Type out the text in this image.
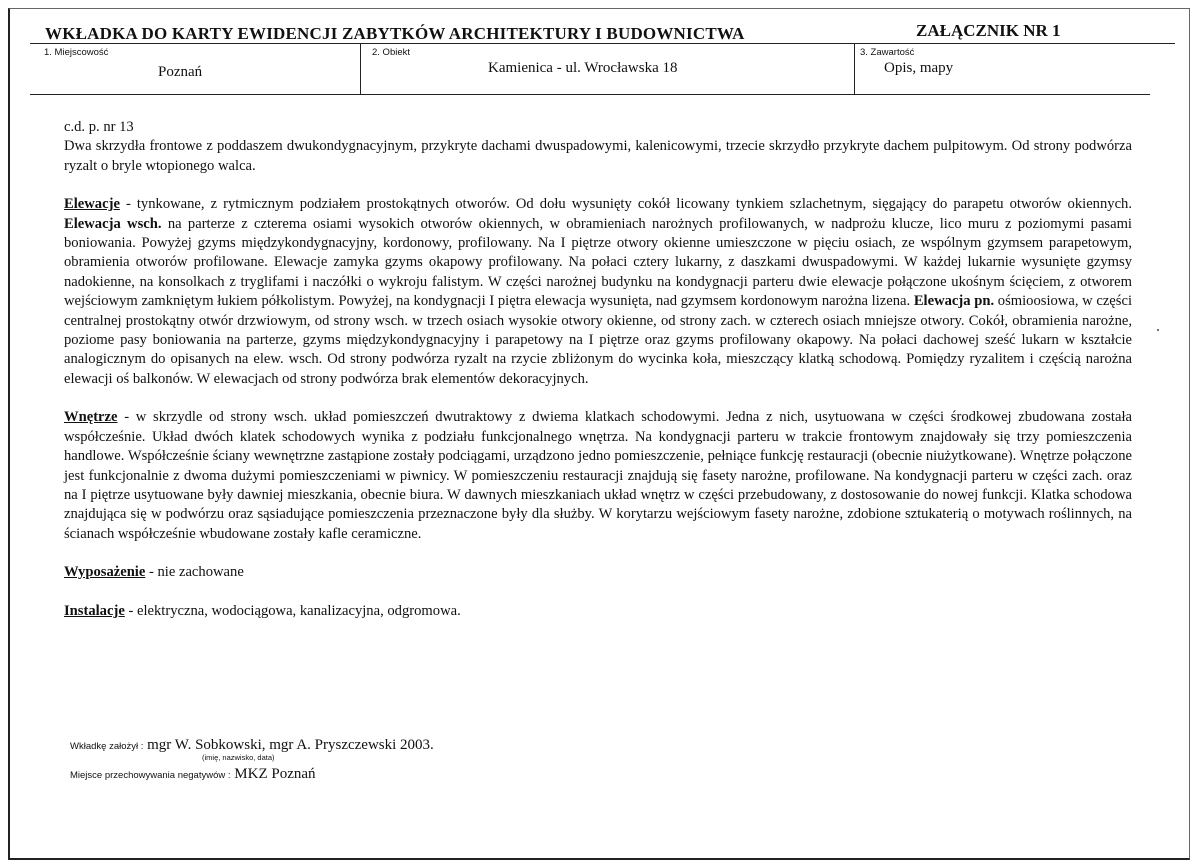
WKŁADKA DO KARTY EWIDENCJI ZABYTKÓW ARCHITEKTURY I BUDOWNICTWA	ZAŁĄCZNIK NR 1
1. Miejscowość
Poznań
2. Obiekt
Kamienica - ul. Wrocławska 18
3. Zawartość
Opis, mapy

c.d. p. nr 13

Dwa skrzydła frontowe z poddaszem dwukondygnacyjnym, przykryte dachami dwuspadowymi, kalenicowymi, trzecie skrzydło przykryte dachem pulpitowym. Od strony podwórza ryzalt o bryle wtopionego walca.

Elewacje - tynkowane, z rytmicznym podziałem prostokątnych otworów. Od dołu wysunięty cokół licowany tynkiem szlachetnym, sięgający do parapetu otworów okiennych. Elewacja wsch. na parterze z czterema osiami wysokich otworów okiennych, w obramieniach narożnych profilowanych, w nadprożu klucze, lico muru z poziomymi pasami boniowania. Powyżej gzyms międzykondygnacyjny, kordonowy, profilowany. Na I piętrze otwory okienne umieszczone w pięciu osiach, ze wspólnym gzymsem parapetowym, obramienia otworów profilowane. Elewacje zamyka gzyms okapowy profilowany. Na połaci cztery lukarny, z daszkami dwuspadowymi. W każdej lukarnie wysunięte gzymsy nadokienne, na konsolkach z tryglifami i naczółki o wykroju falistym. W części narożnej budynku na kondygnacji parteru dwie elewacje połączone ukośnym ścięciem, z otworem wejściowym zamkniętym łukiem półkolistym. Powyżej, na kondygnacji I piętra elewacja wysunięta, nad gzymsem kordonowym narożna lizena. Elewacja pn. ośmioosiowa, w części centralnej prostokątny otwór drzwiowym, od strony wsch. w trzech osiach wysokie otwory okienne, od strony zach. w czterech osiach mniejsze otwory. Cokół, obramienia narożne, poziome pasy boniowania na parterze, gzyms międzykondygnacyjny i parapetowy na I piętrze oraz gzyms profilowany okapowy. Na połaci dachowej sześć lukarn w kształcie analogicznym do opisanych na elew. wsch. Od strony podwórza ryzalt na rzycie zbliżonym do wycinka koła, mieszczący klatką schodową. Pomiędzy ryzalitem i częścią narożna elewacji oś balkonów. W elewacjach od strony podwórza brak elementów dekoracyjnych.

Wnętrze - w skrzydle od strony wsch. układ pomieszczeń dwutraktowy z dwiema klatkach schodowymi. Jedna z nich, usytuowana w części środkowej zbudowana została współcześnie. Układ dwóch klatek schodowych wynika z podziału funkcjonalnego wnętrza. Na kondygnacji parteru w trakcie frontowym znajdowały się trzy pomieszczenia handlowe. Współcześnie ściany wewnętrzne zastąpione zostały podciągami, urządzono jedno pomieszczenie, pełniące funkcję restauracji (obecnie niużytkowane). Wnętrze połączone jest funkcjonalnie z dwoma dużymi pomieszczeniami w piwnicy. W pomieszczeniu restauracji znajdują się fasety narożne, profilowane. Na kondygnacji parteru w części zach. oraz na I piętrze usytuowane były dawniej mieszkania, obecnie biura. W dawnych mieszkaniach układ wnętrz w części przebudowany, z dostosowanie do nowej funkcji. Klatka schodowa znajdująca się w podwórzu oraz sąsiadujące pomieszczenia przeznaczone były dla służby. W korytarzu wejściowym fasety narożne, zdobione sztukaterią o motywach roślinnych, na ścianach współcześnie wbudowane zostały kafle ceramiczne.

Wyposażenie - nie zachowane

Instalacje - elektryczna, wodociągowa, kanalizacyjna, odgromowa.

Wkładkę założył : mgr W. Sobkowski, mgr A. Pryszczewski 2003.
(imię, nazwisko, data)
Miejsce przechowywania negatywów : MKZ Poznań
